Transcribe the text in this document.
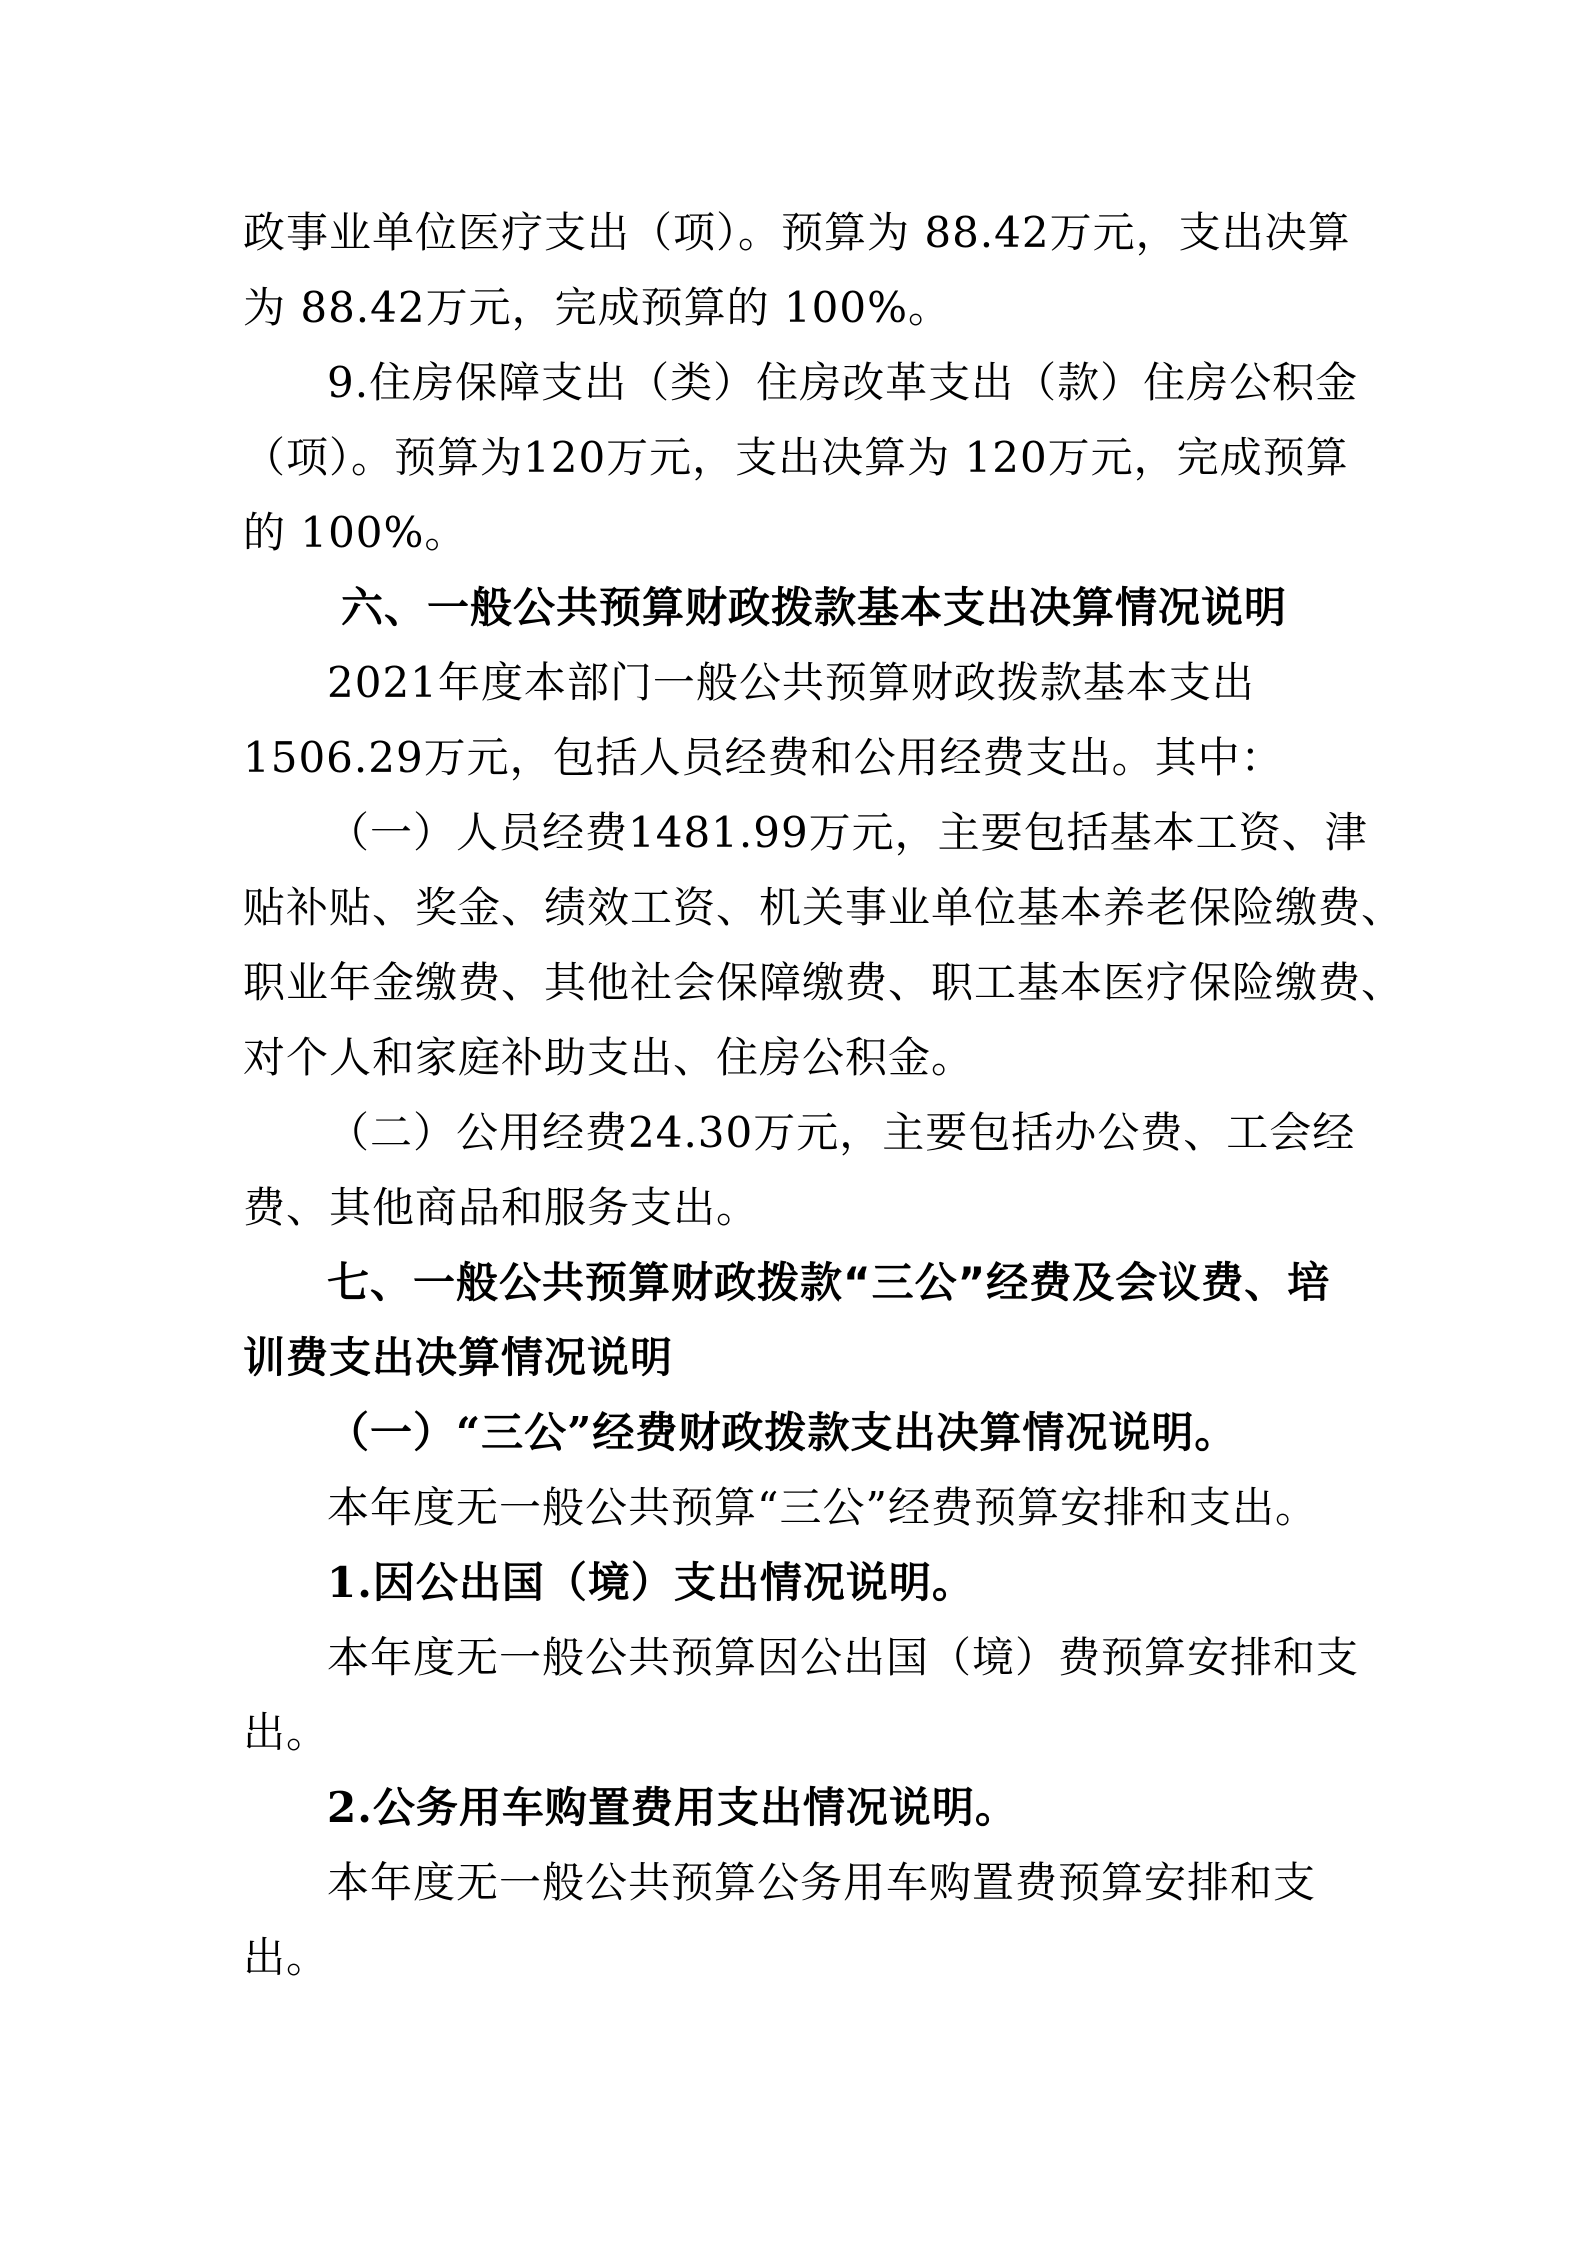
政事业单位医疗支出（项）。预算为 88.42万元，支出决算
为 88.42万元，完成预算的 100%。
9.住房保障支出（类）住房改革支出（款）住房公积金
（项）。预算为120万元，支出决算为 120万元，完成预算
的 100%。
六、一般公共预算财政拨款基本支出决算情况说明
2021年度本部门一般公共预算财政拨款基本支出
1506.29万元，包括人员经费和公用经费支出。其中：
（一）人员经费1481.99万元，主要包括基本工资、津
贴补贴、奖金、绩效工资、机关事业单位基本养老保险缴费、
职业年金缴费、其他社会保障缴费、职工基本医疗保险缴费、
对个人和家庭补助支出、住房公积金。
（二）公用经费24.30万元，主要包括办公费、工会经
费、其他商品和服务支出。
七、一般公共预算财政拨款“三公”经费及会议费、培
训费支出决算情况说明
（一）“三公”经费财政拨款支出决算情况说明。
本年度无一般公共预算“三公”经费预算安排和支出。
1.因公出国（境）支出情况说明。
本年度无一般公共预算因公出国（境）费预算安排和支
出。
2.公务用车购置费用支出情况说明。
本年度无一般公共预算公务用车购置费预算安排和支
出。
